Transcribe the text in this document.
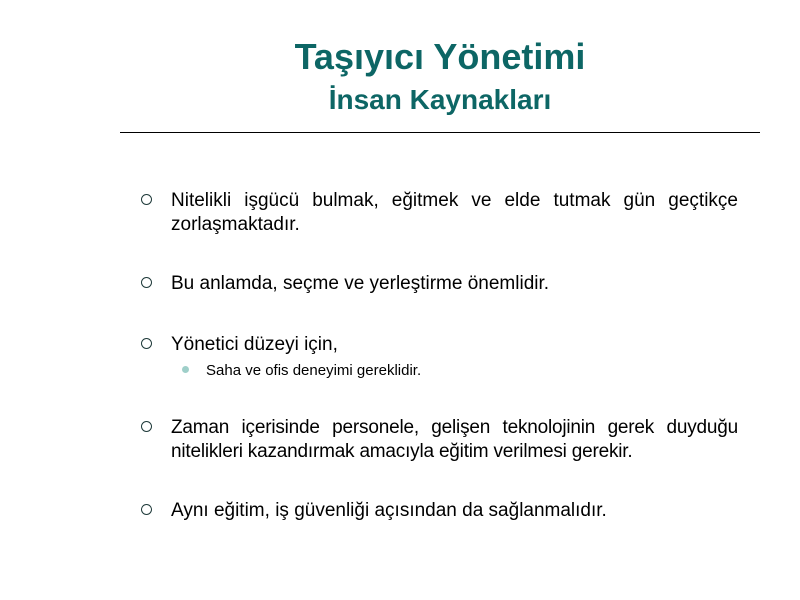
Taşıyıcı Yönetimi
İnsan Kaynakları
Nitelikli işgücü bulmak, eğitmek ve elde tutmak gün geçtikçe zorlaşmaktadır.
Bu anlamda, seçme ve yerleştirme önemlidir.
Yönetici düzeyi için,
Saha ve ofis deneyimi gereklidir.
Zaman içerisinde personele, gelişen teknolojinin gerek duyduğu nitelikleri kazandırmak amacıyla eğitim verilmesi gerekir.
Aynı eğitim, iş güvenliği açısından da sağlanmalıdır.
